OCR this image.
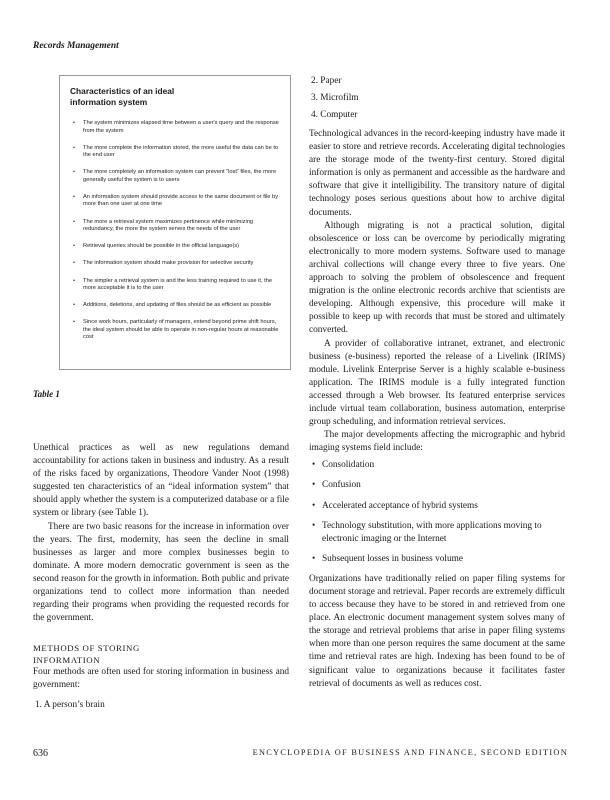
Records Management
Characteristics of an ideal
information system
• The system minimizes elapsed time between a user's query and the response from the system
• The more complete the information stored, the more useful the data can be to the end user
• The more completely an information system can prevent “lost” files, the more generally useful the system is to users
• An information system should provide access to the same document or file by more than one user at one time
• The more a retrieval system maximizes pertinence while minimizing redundancy, the more the system serves the needs of the user
• Retrieval queries should be possible in the official language(s)
• The information system should make provision for selective security
• The simpler a retrieval system is and the less training required to use it, the more acceptable it is to the user
• Additions, deletions, and updating of files should be as efficient as possible
• Since work hours, particularly of managers, extend beyond prime shift hours, the ideal system should be able to operate in non-regular hours at reasonable cost
Table 1

Unethical practices as well as new regulations demand accountability for actions taken in business and industry. As a result of the risks faced by organizations, Theodore Vander Noot (1998) suggested ten characteristics of an “ideal information system” that should apply whether the system is a computerized database or a file system or library (see Table 1).

There are two basic reasons for the increase in information over the years. The first, modernity, has seen the decline in small businesses as larger and more complex businesses begin to dominate. A more modern democratic government is seen as the second reason for the growth in information. Both public and private organizations tend to collect more information than needed regarding their programs when providing the requested records for the government.

METHODS OF STORING
INFORMATION

Four methods are often used for storing information in business and government:

1. A person’s brain
2. Paper
3. Microfilm
4. Computer

Technological advances in the record-keeping industry have made it easier to store and retrieve records. Accelerating digital technologies are the storage mode of the twenty-first century. Stored digital information is only as permanent and accessible as the hardware and software that give it intelligibility. The transitory nature of digital technology poses serious questions about how to archive digital documents.

Although migrating is not a practical solution, digital obsolescence or loss can be overcome by periodically migrating electronically to more modern systems. Software used to manage archival collections will change every three to five years. One approach to solving the problem of obsolescence and frequent migration is the online electronic records archive that scientists are developing. Although expensive, this procedure will make it possible to keep up with records that must be stored and ultimately converted.

A provider of collaborative intranet, extranet, and electronic business (e-business) reported the release of a Livelink (IRIMS) module. Livelink Enterprise Server is a highly scalable e-business application. The IRIMS module is a fully integrated function accessed through a Web browser. Its featured enterprise services include virtual team collaboration, business automation, enterprise group scheduling, and information retrieval services.

The major developments affecting the micrographic and hybrid imaging systems field include:

• Consolidation
• Confusion
• Accelerated acceptance of hybrid systems
• Technology substitution, with more applications moving to electronic imaging or the Internet
• Subsequent losses in business volume

Organizations have traditionally relied on paper filing systems for document storage and retrieval. Paper records are extremely difficult to access because they have to be stored in and retrieved from one place. An electronic document management system solves many of the storage and retrieval problems that arise in paper filing systems when more than one person requires the same document at the same time and retrieval rates are high. Indexing has been found to be of significant value to organizations because it facilitates faster retrieval of documents as well as reduces cost.

636	ENCYCLOPEDIA OF BUSINESS AND FINANCE, SECOND EDITION
